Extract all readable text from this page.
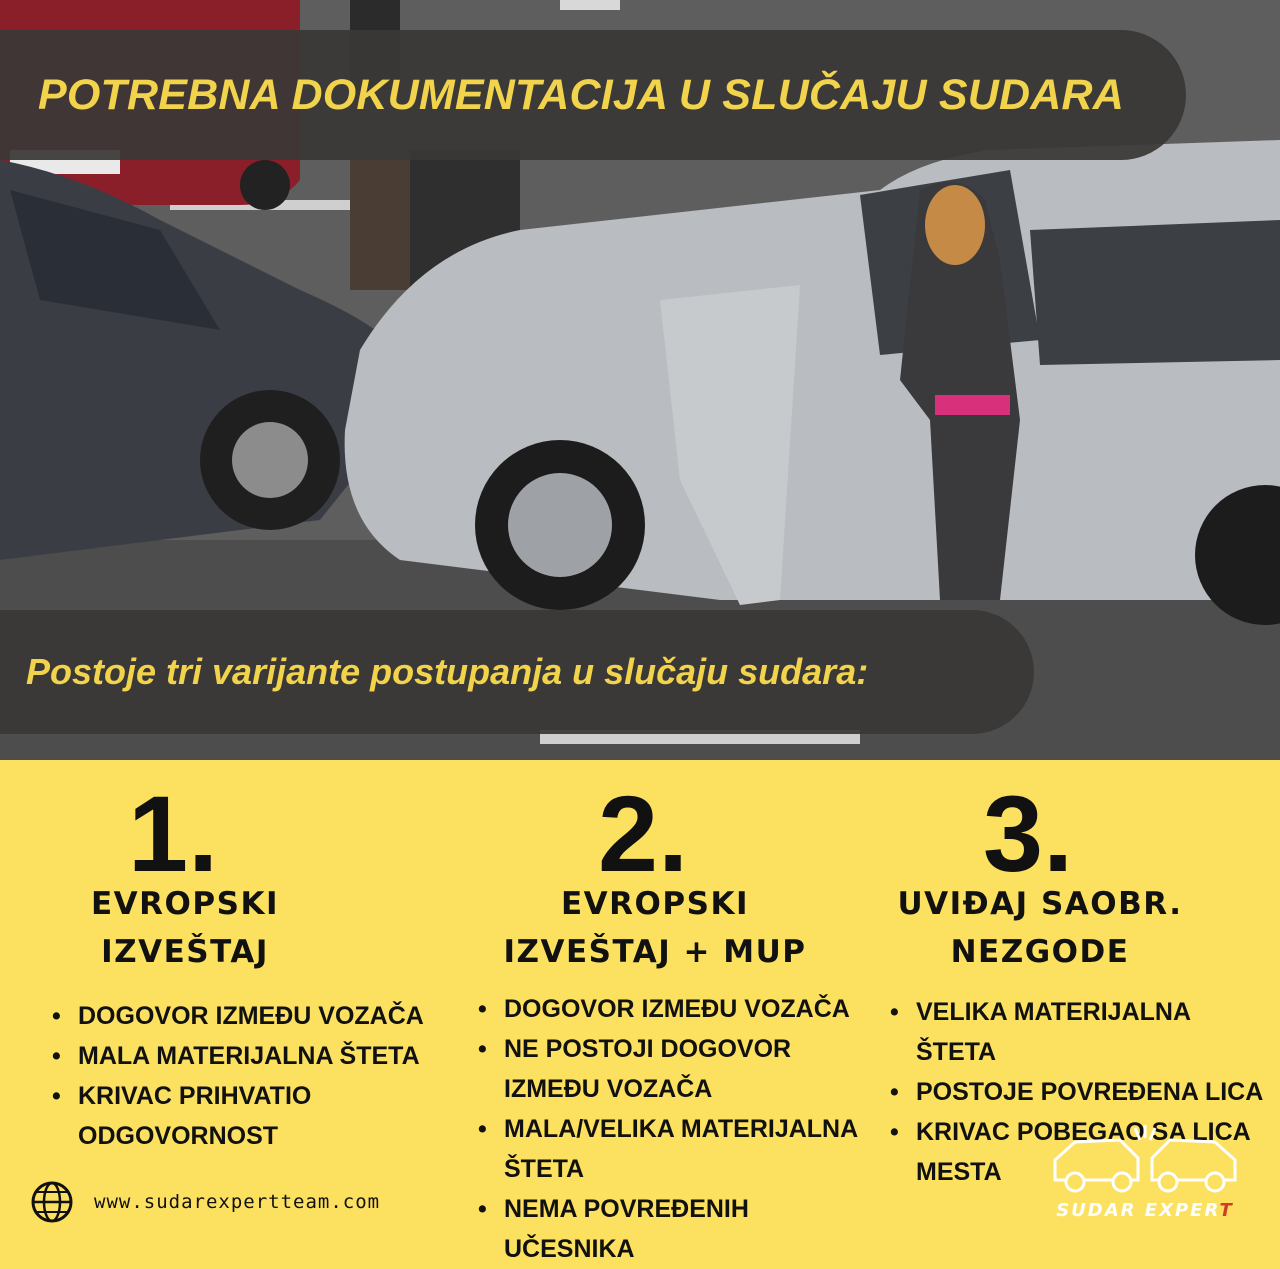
POTREBNA DOKUMENTACIJA U SLUČAJU SUDARA
Postoje tri varijante postupanja u slučaju sudara:
1.
EVROPSKI
IZVEŠTAJ
• DOGOVOR IZMEĐU VOZAČA
• MALA MATERIJALNA ŠTETA
• KRIVAC PRIHVATIO ODGOVORNOST
2.
EVROPSKI
IZVEŠTAJ + MUP
• DOGOVOR IZMEĐU VOZAČA
• NE POSTOJI DOGOVOR IZMEĐU VOZAČA
• MALA/VELIKA MATERIJALNA ŠTETA
• NEMA POVREĐENIH UČESNIKA
3.
UVIĐAJ SAOBR.
NEZGODE
• VELIKA MATERIJALNA ŠTETA
• POSTOJE POVREĐENA LICA
• KRIVAC POBEGAO SA LICA MESTA
www.sudarexpertteam.com	SUDAR EXPERT
